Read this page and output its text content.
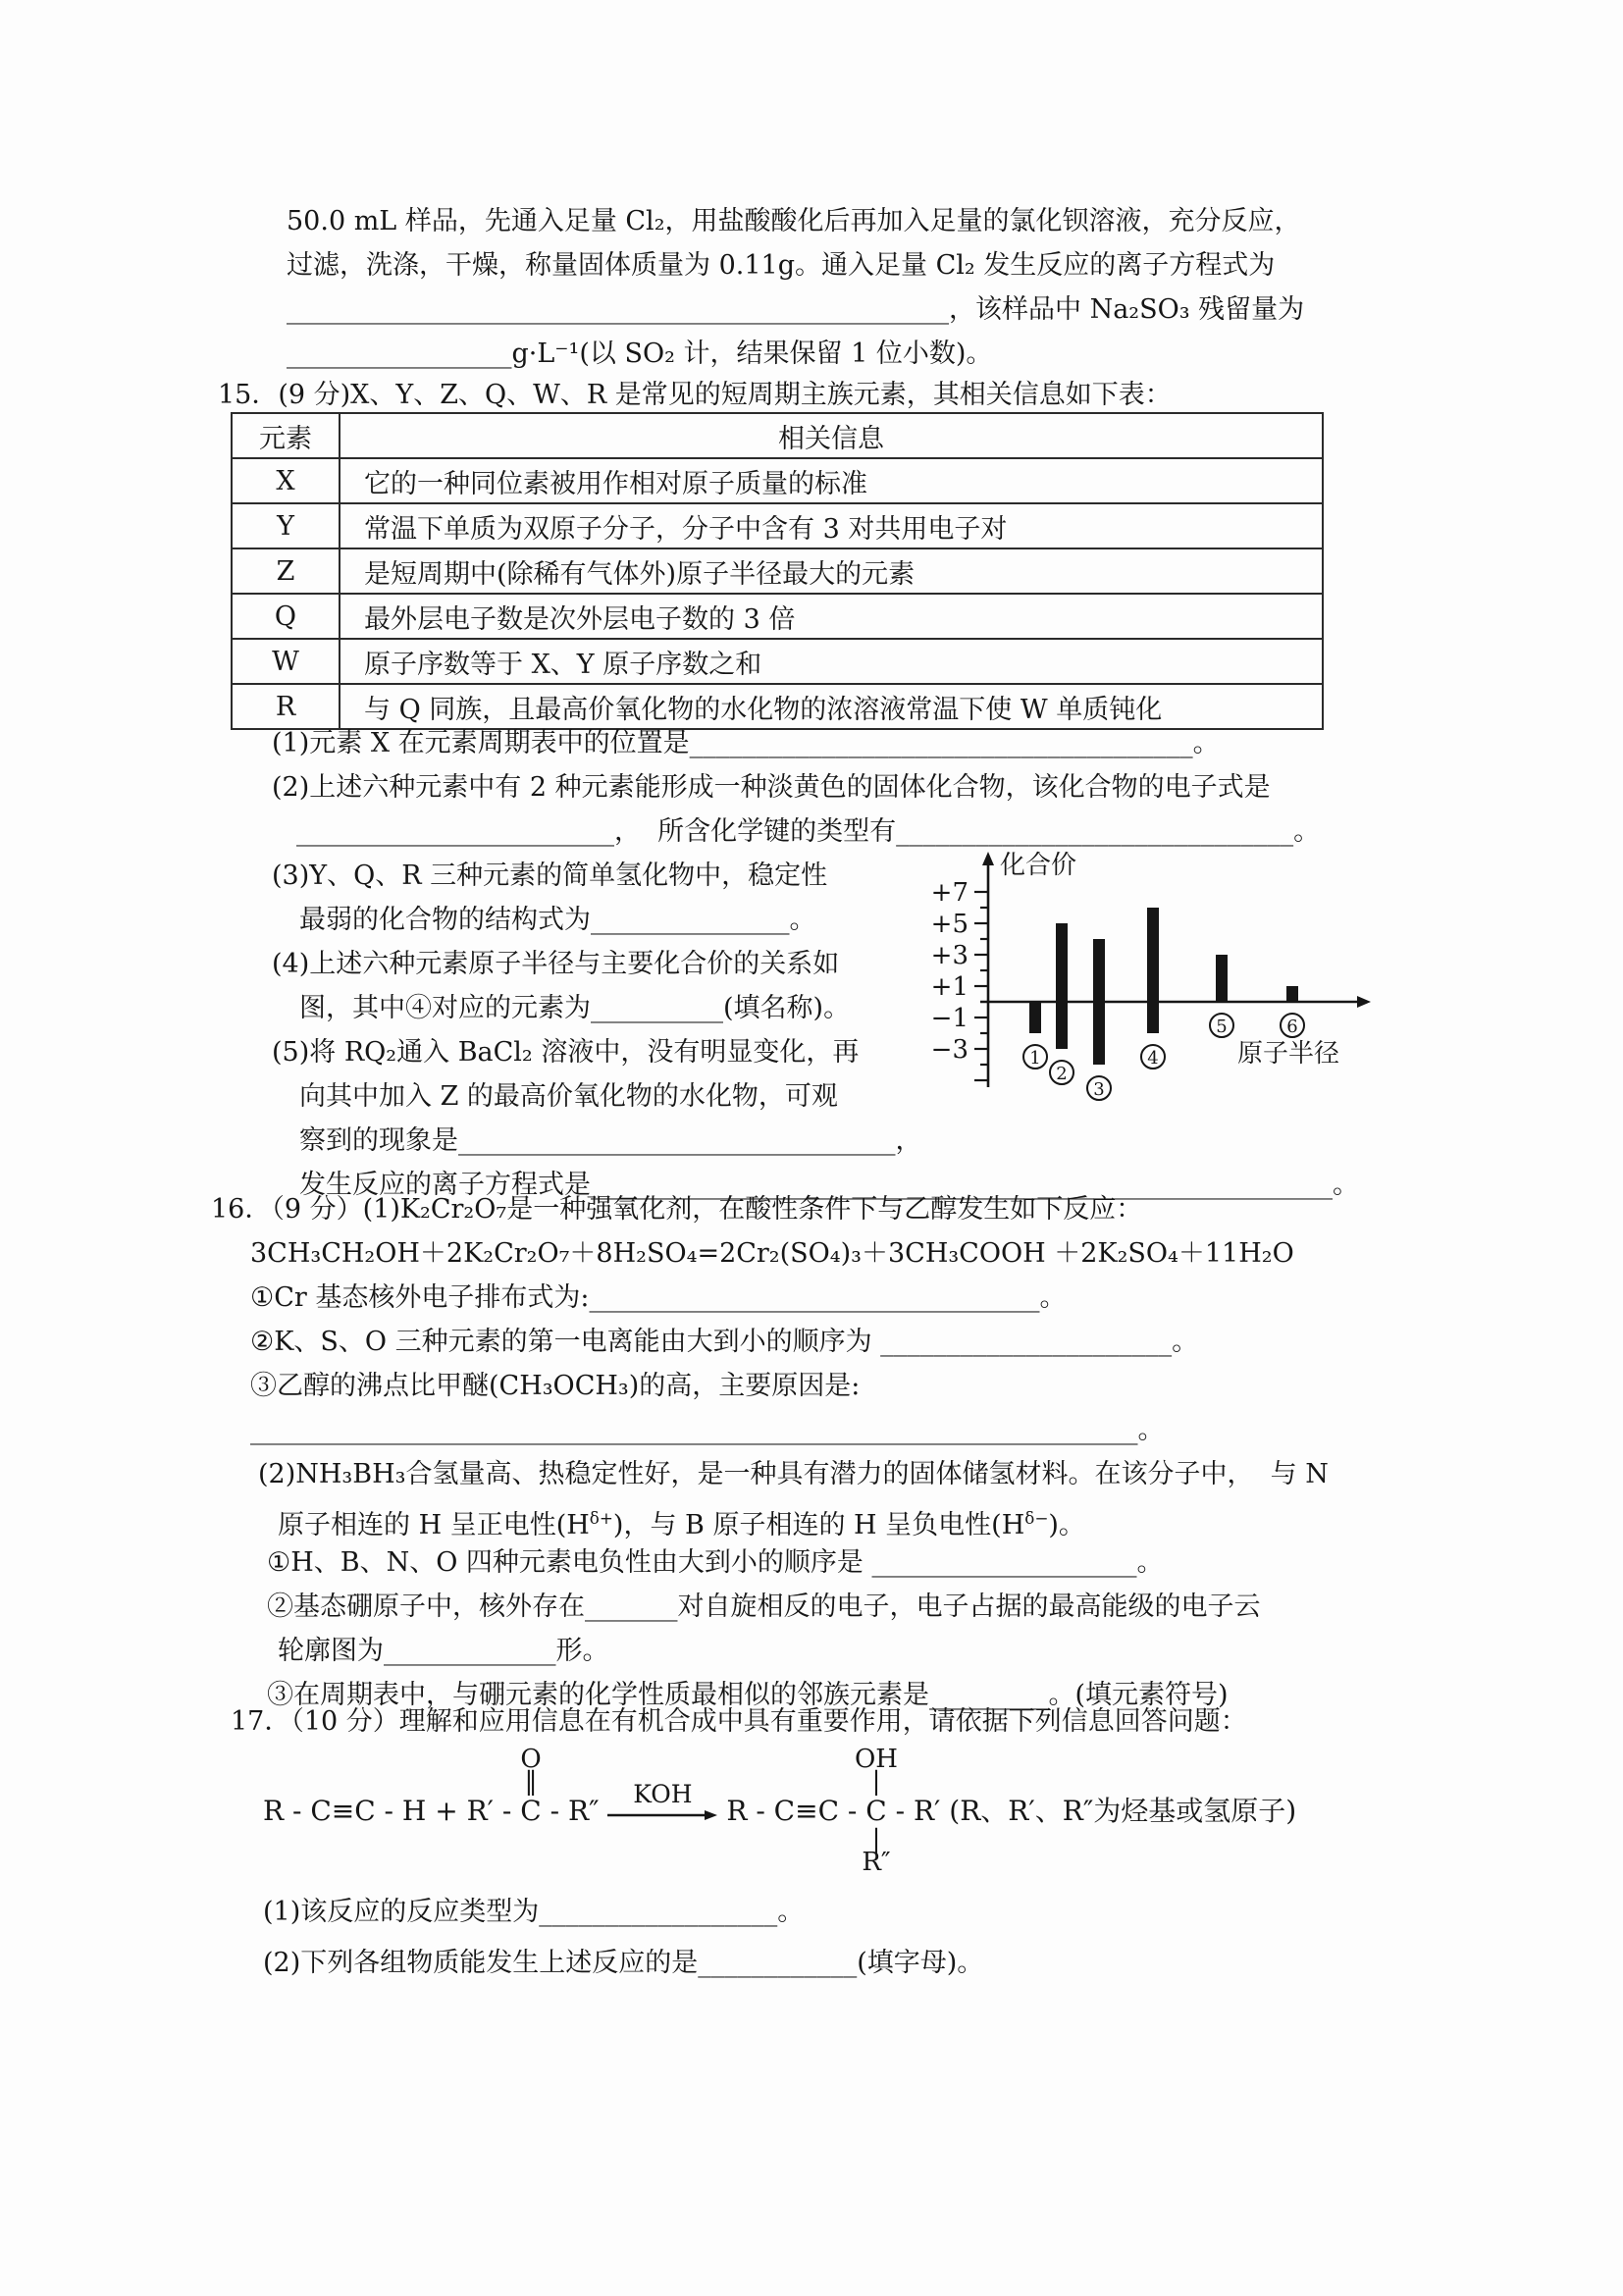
50.0 mL 样品，先通入足量 Cl₂，用盐酸酸化后再加入足量的氯化钡溶液，充分反应，
过滤，洗涤，干燥，称量固体质量为 0.11g。通入足量 Cl₂ 发生反应的离子方程式为
__________________________________________________，该样品中 Na₂SO₃ 残留量为
_________________g·L⁻¹(以 SO₂ 计，结果保留 1 位小数)。
15．(9 分)X、Y、Z、Q、W、R 是常见的短周期主族元素，其相关信息如下表：
元素	相关信息
X	它的一种同位素被用作相对原子质量的标准
Y	常温下单质为双原子分子，分子中含有 3 对共用电子对
Z	是短周期中(除稀有气体外)原子半径最大的元素
Q	最外层电子数是次外层电子数的 3 倍
W	原子序数等于 X、Y 原子序数之和
R	与 Q 同族，且最高价氧化物的水化物的浓溶液常温下使 W 单质钝化
(1)元素 X 在元素周期表中的位置是______________________________________。
(2)上述六种元素中有 2 种元素能形成一种淡黄色的固体化合物，该化合物的电子式是
________________________，  所含化学键的类型有______________________________。
(3)Y、Q、R 三种元素的简单氢化物中，稳定性
最弱的化合物的结构式为_______________。
(4)上述六种元素原子半径与主要化合价的关系如
图，其中④对应的元素为__________(填名称)。
(5)将 RQ₂通入 BaCl₂ 溶液中，没有明显变化，再
向其中加入 Z 的最高价氧化物的水化物，可观
察到的现象是_________________________________，
发生反应的离子方程式是________________________________________________________。
+7
+5
+3
+1
−1
−3
化合价
原子半径
1
2
3
4
5	6
16．（9 分）(1)K₂Cr₂O₇是一种强氧化剂，在酸性条件下与乙醇发生如下反应：
3CH₃CH₂OH＋2K₂Cr₂O₇＋8H₂SO₄=2Cr₂(SO₄)₃＋3CH₃COOH ＋2K₂SO₄＋11H₂O
①Cr 基态核外电子排布式为:__________________________________。
②K、S、O 三种元素的第一电离能由大到小的顺序为 ______________________。
③乙醇的沸点比甲醚(CH₃OCH₃)的高，主要原因是:
___________________________________________________________________。
(2)NH₃BH₃合氢量高、热稳定性好，是一种具有潜力的固体储氢材料。在该分子中，  与 N
原子相连的 H 呈正电性$(H^{\delta+})$，与 B 原子相连的 H 呈负电性$(H^{\delta-})$。
①H、B、N、O 四种元素电负性由大到小的顺序是 ____________________。
②基态硼原子中，核外存在_______对自旋相反的电子，电子占据的最高能级的电子云
轮廓图为_____________形。
③在周期表中，与硼元素的化学性质最相似的邻族元素是_________。(填元素符号)
17．（10 分）理解和应用信息在有机合成中具有重要作用，请依据下列信息回答问题：
R - C≡C - H + R′ -
O
‖
C - R″
KOH
R - C≡C -
OH
|
C
|
R″
- R′ (R、R′、R″为烃基或氢原子)
(1)该反应的反应类型为__________________。
(2)下列各组物质能发生上述反应的是____________(填字母)。
